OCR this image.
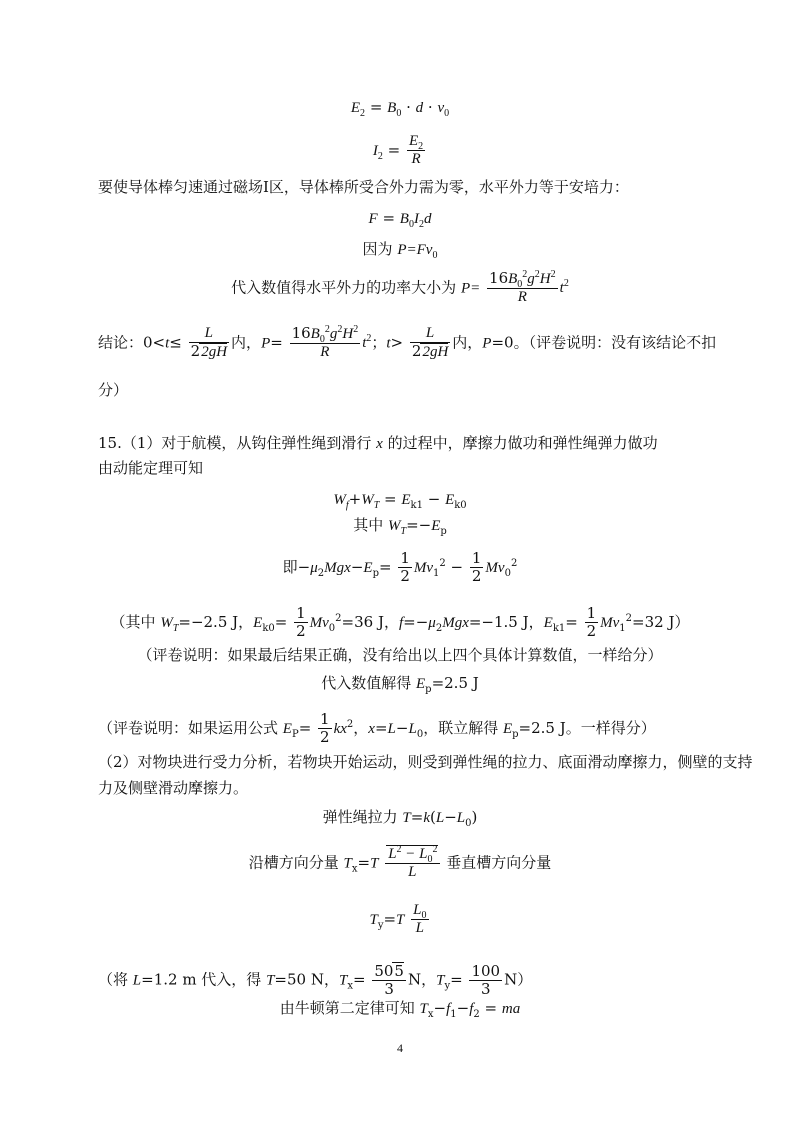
$E_2 = B_0 \cdot d \cdot v_0$
$I_2 = \frac{E_2}{R}$
要使导体棒匀速通过磁场I区，导体棒所受合外力需为零，水平外力等于安培力：
$F = B_0I_2d$
因为 $P=Fv_0$
代入数值得水平外力的功率大小为 $P= \frac{16B_0^2g^2H^2}{R} t^2$
结论：$0<t\le \frac{L}{22gH}$ 内，$P= \frac{16B_0^2g^2H^2}{R} t^2$；$t> \frac{L}{22gH}$ 内，P=0。（评卷说明：没有该结论不扣
分）
15.（1）对于航模，从钩住弹性绳到滑行 x 的过程中，摩擦力做功和弹性绳弹力做功
由动能定理可知
$W_f+W_T = E_{k1} - E_{k0}$
其中 $W_T=-E_p$
即$-\mu_2Mgx-E_p= \frac{1}{2} Mv_1^2 - \frac{1}{2} Mv_0^2$
（其中 $W_T=-2.5$ J，$E_{k0}= \frac{1}{2} Mv_0^2=36$ J，$f=-\mu_2Mgx=-1.5$ J，$E_{k1}= \frac{1}{2} Mv_1^2=32$ J）
（评卷说明：如果最后结果正确，没有给出以上四个具体计算数值，一样给分）
代入数值解得 $E_p=2.5$ J
（评卷说明：如果运用公式 $E_P= \frac{1}{2} kx^2$，$x=L-L_0$，联立解得 $E_p=2.5$ J。一样得分）
（2）对物块进行受力分析，若物块开始运动，则受到弹性绳的拉力、底面滑动摩擦力，侧壁的支持
力及侧壁滑动摩擦力。
弹性绳拉力 $T=k(L-L_0)$
沿槽方向分量 $T_x=T \frac{L^2 - L_0^2}{L}$ 垂直槽方向分量
$T_y=T \frac{L_0}{L}$
（将 L=1.2 m 代入，得 T=50 N，$T_x= \frac{505}{3}$ N，$T_y= \frac{100}{3} N$）
由牛顿第二定律可知 $T_x-f_1-f_2$ = ma
4
